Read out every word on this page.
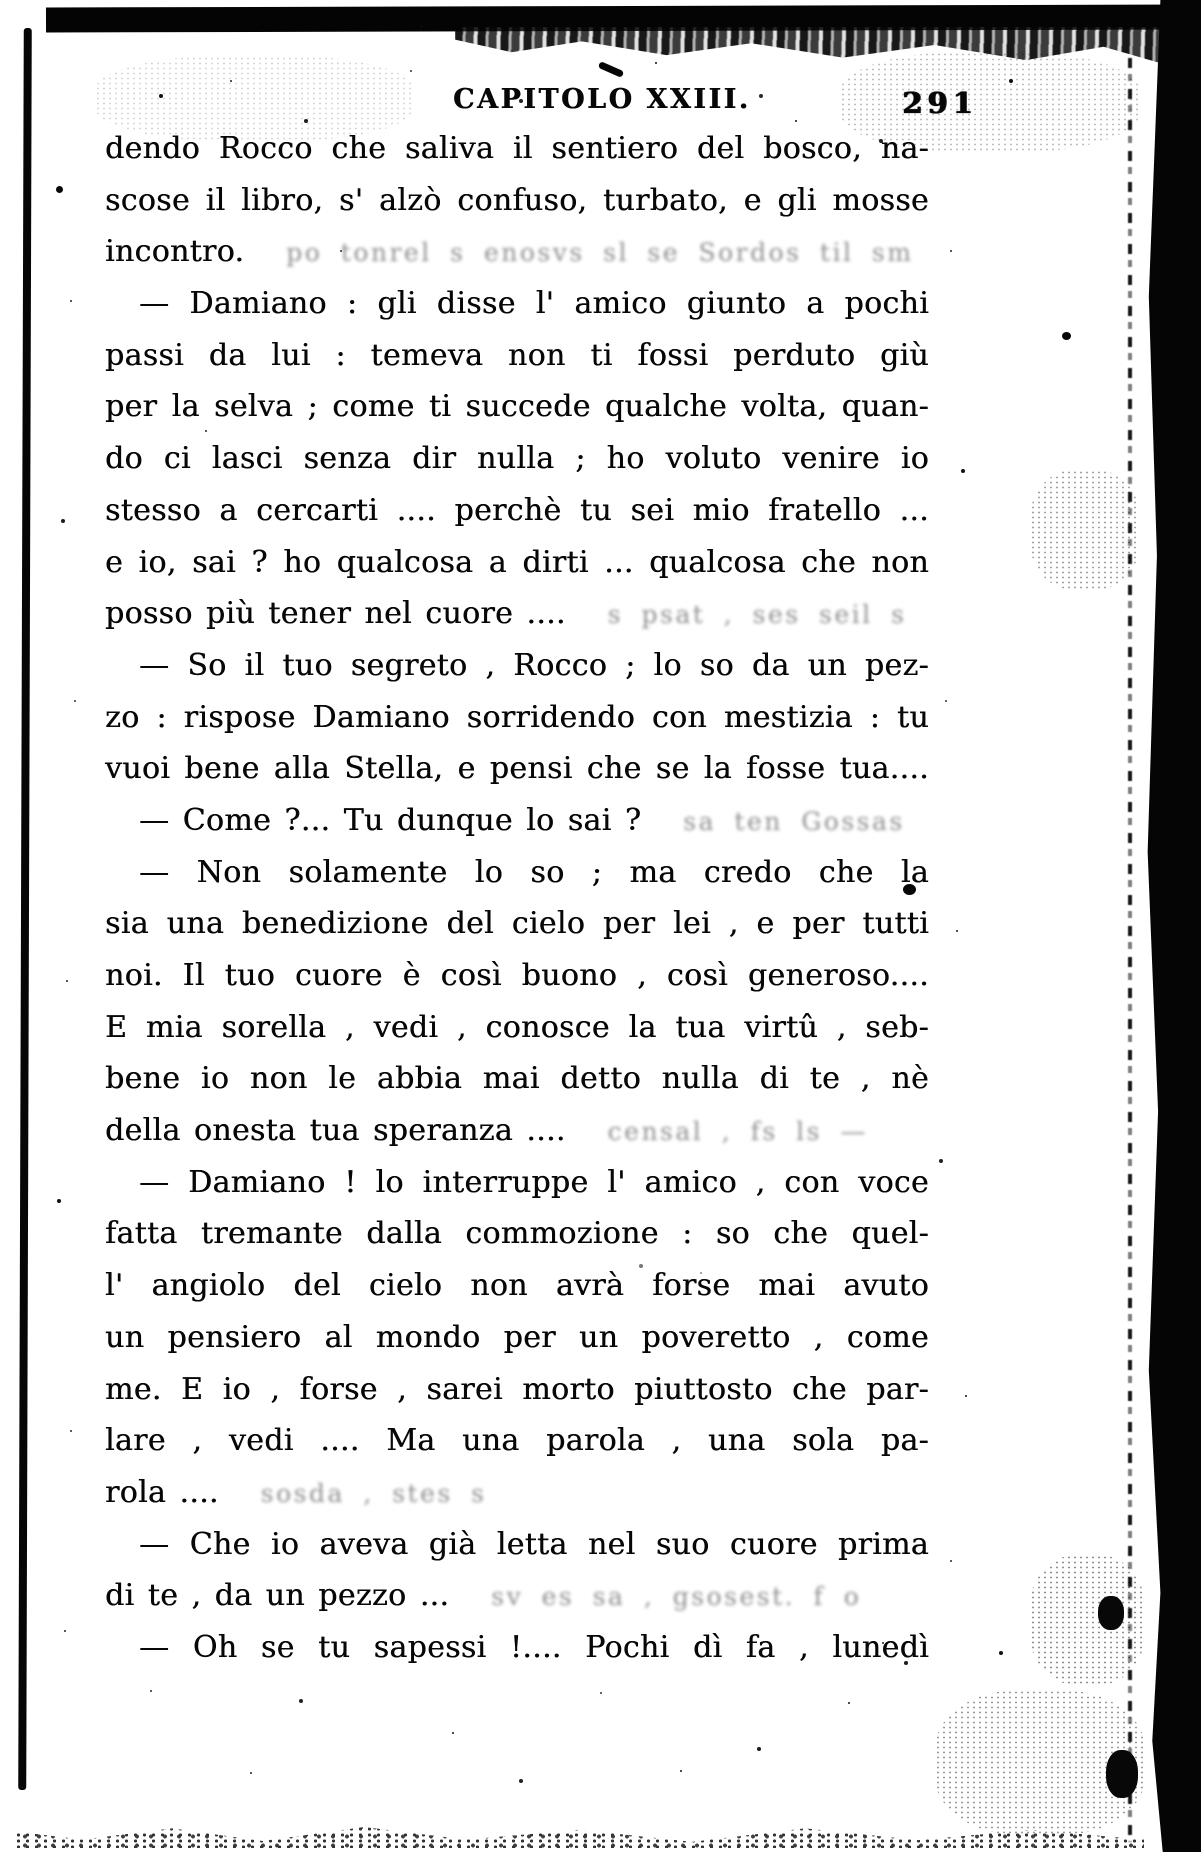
CAPITOLO XXIII.	291
dendo Rocco che saliva il sentiero del bosco, na-
scose il libro, s' alzò confuso, turbato, e gli mosse
incontro. po tonrel s enosvs sl se Sordos til sm
— Damiano : gli disse l' amico giunto a pochi
passi da lui : temeva non ti fossi perduto giù
per la selva ; come ti succede qualche volta, quan-
do ci lasci senza dir nulla ; ho voluto venire io
stesso a cercarti .... perchè tu sei mio fratello ...
e io, sai ? ho qualcosa a dirti ... qualcosa che non
posso più tener nel cuore .... s psat , ses seil s
— So il tuo segreto , Rocco ; lo so da un pez-
zo : rispose Damiano sorridendo con mestizia : tu
vuoi bene alla Stella, e pensi che se la fosse tua....
— Come ?... Tu dunque lo sai ? sa ten Gossas
— Non solamente lo so ; ma credo che la
sia una benedizione del cielo per lei , e per tutti
noi. Il tuo cuore è così buono , così generoso....
E mia sorella , vedi , conosce la tua virtû , seb-
bene io non le abbia mai detto nulla di te , nè
della onesta tua speranza .... censal , fs ls —
— Damiano ! lo interruppe l' amico , con voce
fatta tremante dalla commozione : so che quel-
l' angiolo del cielo non avrà forse mai avuto
un pensiero al mondo per un poveretto , come
me. E io , forse , sarei morto piuttosto che par-
lare , vedi .... Ma una parola , una sola pa-
rola .... sosda , stes s
— Che io aveva già letta nel suo cuore prima
di te , da un pezzo ... sv es sa , gsosest. f o
— Oh se tu sapessi !.... Pochi dì fa , lunedì
